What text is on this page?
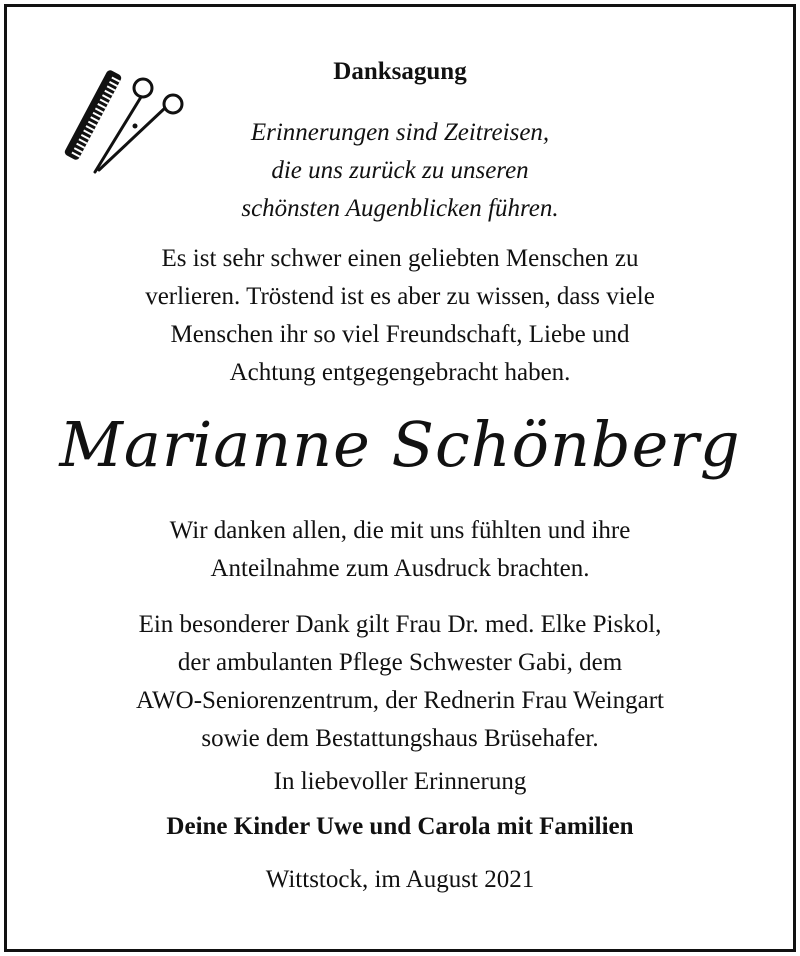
Danksagung
Erinnerungen sind Zeitreisen,
die uns zurück zu unseren
schönsten Augenblicken führen.
Es ist sehr schwer einen geliebten Menschen zu
verlieren. Tröstend ist es aber zu wissen, dass viele
Menschen ihr so viel Freundschaft, Liebe und
Achtung entgegengebracht haben.
Marianne Schönberg
Wir danken allen, die mit uns fühlten und ihre
Anteilnahme zum Ausdruck brachten.
Ein besonderer Dank gilt Frau Dr. med. Elke Piskol,
der ambulanten Pflege Schwester Gabi, dem
AWO-Seniorenzentrum, der Rednerin Frau Weingart
sowie dem Bestattungshaus Brüsehafer.
In liebevoller Erinnerung
Deine Kinder Uwe und Carola mit Familien
Wittstock, im August 2021
